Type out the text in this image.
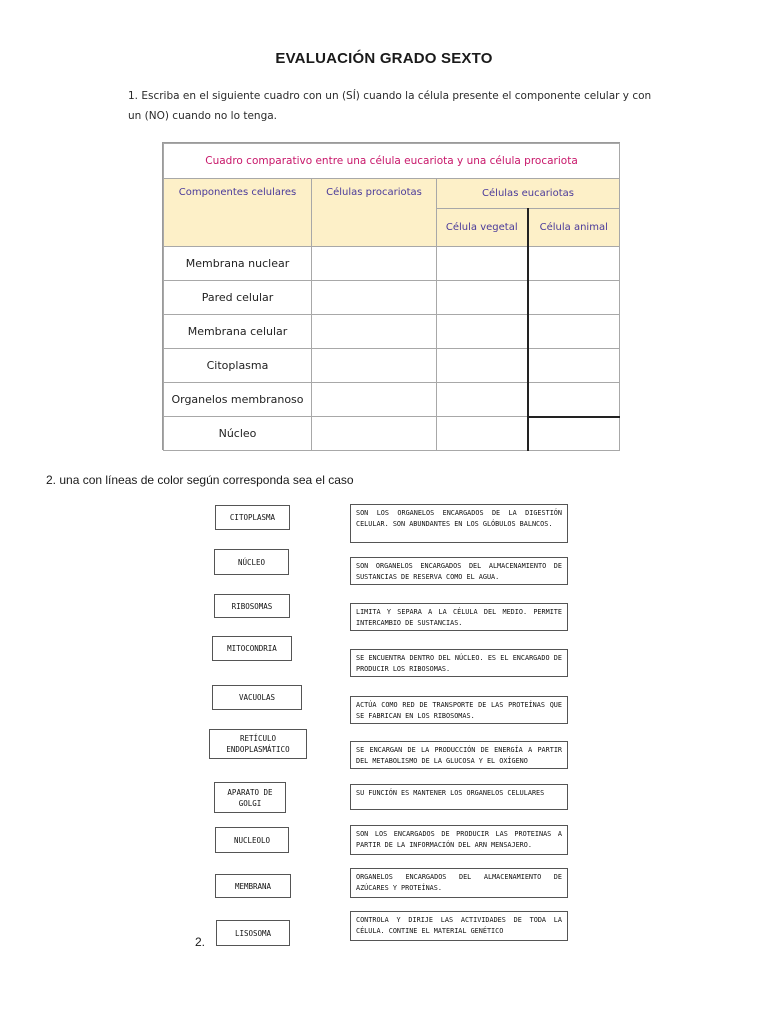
EVALUACIÓN GRADO SEXTO
1. Escriba en el siguiente cuadro con un (SÍ) cuando la célula presente el componente celular y con
un (NO) cuando no lo tenga.
Cuadro comparativo entre una célula eucariota y una célula procariota			
Componentes celulares	Células procariotas	Células eucariotas	
		Célula vegetal	Célula animal
Membrana nuclear			
Pared celular			
Membrana celular			
Citoplasma			
Organelos membranoso			
Núcleo			
2. una con líneas de color según corresponda sea el caso
CITOPLASMA
NÚCLEO
RIBOSOMAS
MITOCONDRIA
VACUOLAS
RETÍCULO ENDOPLASMÁTICO
APARATO DE GOLGI
NUCLEOLO
MEMBRANA
LISOSOMA
SON LOS ORGANELOS ENCARGADOS DE LA DIGESTIÓN CELULAR. SON ABUNDANTES EN LOS GLÓBULOS BALNCOS.
SON ORGANELOS ENCARGADOS DEL ALMACENAMIENTO DE SUSTANCIAS DE RESERVA COMO EL AGUA.
LIMITA Y SEPARA A LA CÉLULA DEL MEDIO. PERMITE INTERCAMBIO DE SUSTANCIAS.
SE ENCUENTRA DENTRO DEL NÚCLEO. ES EL ENCARGADO DE PRODUCIR LOS RIBOSOMAS.
ACTÚA COMO RED DE TRANSPORTE DE LAS PROTEÍNAS QUE SE FABRICAN EN LOS RIBOSOMAS.
SE ENCARGAN DE LA PRODUCCIÓN DE ENERGÍA A PARTIR DEL METABOLISMO DE LA GLUCOSA Y EL OXÍGENO
SU FUNCIÓN ES MANTENER LOS ORGANELOS CELULARES
SON LOS ENCARGADOS DE PRODUCIR LAS PROTEINAS A PARTIR DE LA INFORMACIÓN DEL ARN MENSAJERO.
ORGANELOS ENCARGADOS DEL ALMACENAMIENTO DE AZÚCARES Y PROTEÍNAS.
CONTROLA Y DIRIJE LAS ACTIVIDADES DE TODA LA CÉLULA. CONTINE EL MATERIAL GENÉTICO
2.
